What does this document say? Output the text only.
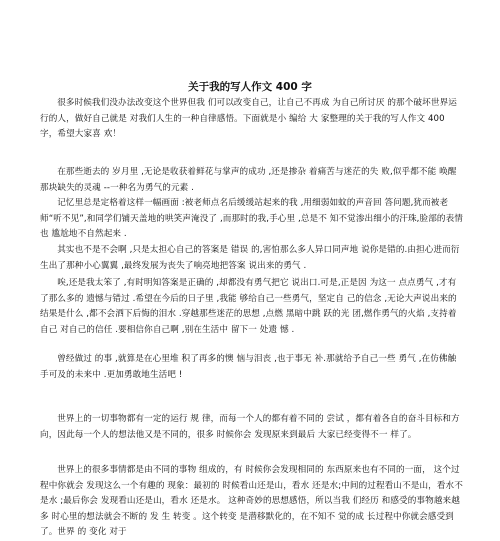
关于我的写人作文 400 字

很多时候我们没办法改变这个世界但我 们可以改变自己，让自己不再成 为自己所讨厌 的那个破坏世界运行的人，做好自己就是 对我们人生的一种自律感悟。下面就是小 编给 大 家整理的关于我的写人作文 400 字，希望大家喜 欢！

在那些逝去的 岁月里 ,无论是收获着鲜花与掌声的成功 ,还是掺杂 着痛苦与迷茫的失 败,似乎都不能 唤醒那块缺失的灵魂 --一种名为勇气的元素 .

记忆里总是定格着这样一幅画面 :被老师点名后缓缓站起来的我 ,用细弱如蚊的声音回 答问题,犹而被老 师“听不见”,和同学们铺天盖地的哄笑声淹没了 ,而那时的我,手心里 ,总是不 知不觉渗出细小的汗珠,脸部的表情也 尴尬地不自然起来 .

其实也不是不会啊 ,只是太担心自己的答案是 错误 的,害怕那么多人异口同声地 说你是错的.由担心进而衍生出了那种小心翼翼 ,最终发展为丧失了响亮地把答案 说出来的勇气 .

唉,还是我太笨了 ,有时明知答案是正确的 ,却都没有勇气把它 说出口.可是,正是因 为这一 点点勇气 ,才有了那么多的 遗憾与错过 .希望在今后的日子里 ,我能 够给自己一些勇气，坚定自 己的信念 ,无论大声说出来的结果是什么 ,都不会洒下后悔的泪水 .穿越那些迷茫的思想 ,点燃 黑暗中跳 跃的光 团,燃作勇气的火焰 ,支持着自己 对自己的信任 .要相信你自己啊 ,别在生活中 留下一 处遗 憾 .

曾经做过 的事 ,就算是在心里堆 积了再多的懊 恼与泪丧 ,也于事无 补.那就给予自己一些 勇气 ,在仿佛触手可及的未来中 .更加勇敢地生活吧 !

世界上的一切事物都有一定的运行 规 律，而每一个人的都有着不同的 尝试 ，都有着各自的奋斗目标和方向，因此每一个人的想法他又是不同的，很多 时候你会 发现原来到最后 大家已经变得不一 样了。

世界上的很多事情都是由不同的事物 组成的，有 时候你会发现相同的 东西原来也有不同的一面， 这个过程中你就会 发现这么一个有趣的 现象：最初的 时候看山还是山，看水 还是水;中间的过程看山不是山，看水不是水 ;最后你会 发现看山还是山，看水 还是水。 这种奇妙的思想感悟，所以当我 们经历 和感受的事物越来越多 时心里的想法就会不断的 发 生 转变 。这个转变 是潜移默化的，在不知不 觉的成 长过程中你就会感受到了。世界 的 变化 对于
